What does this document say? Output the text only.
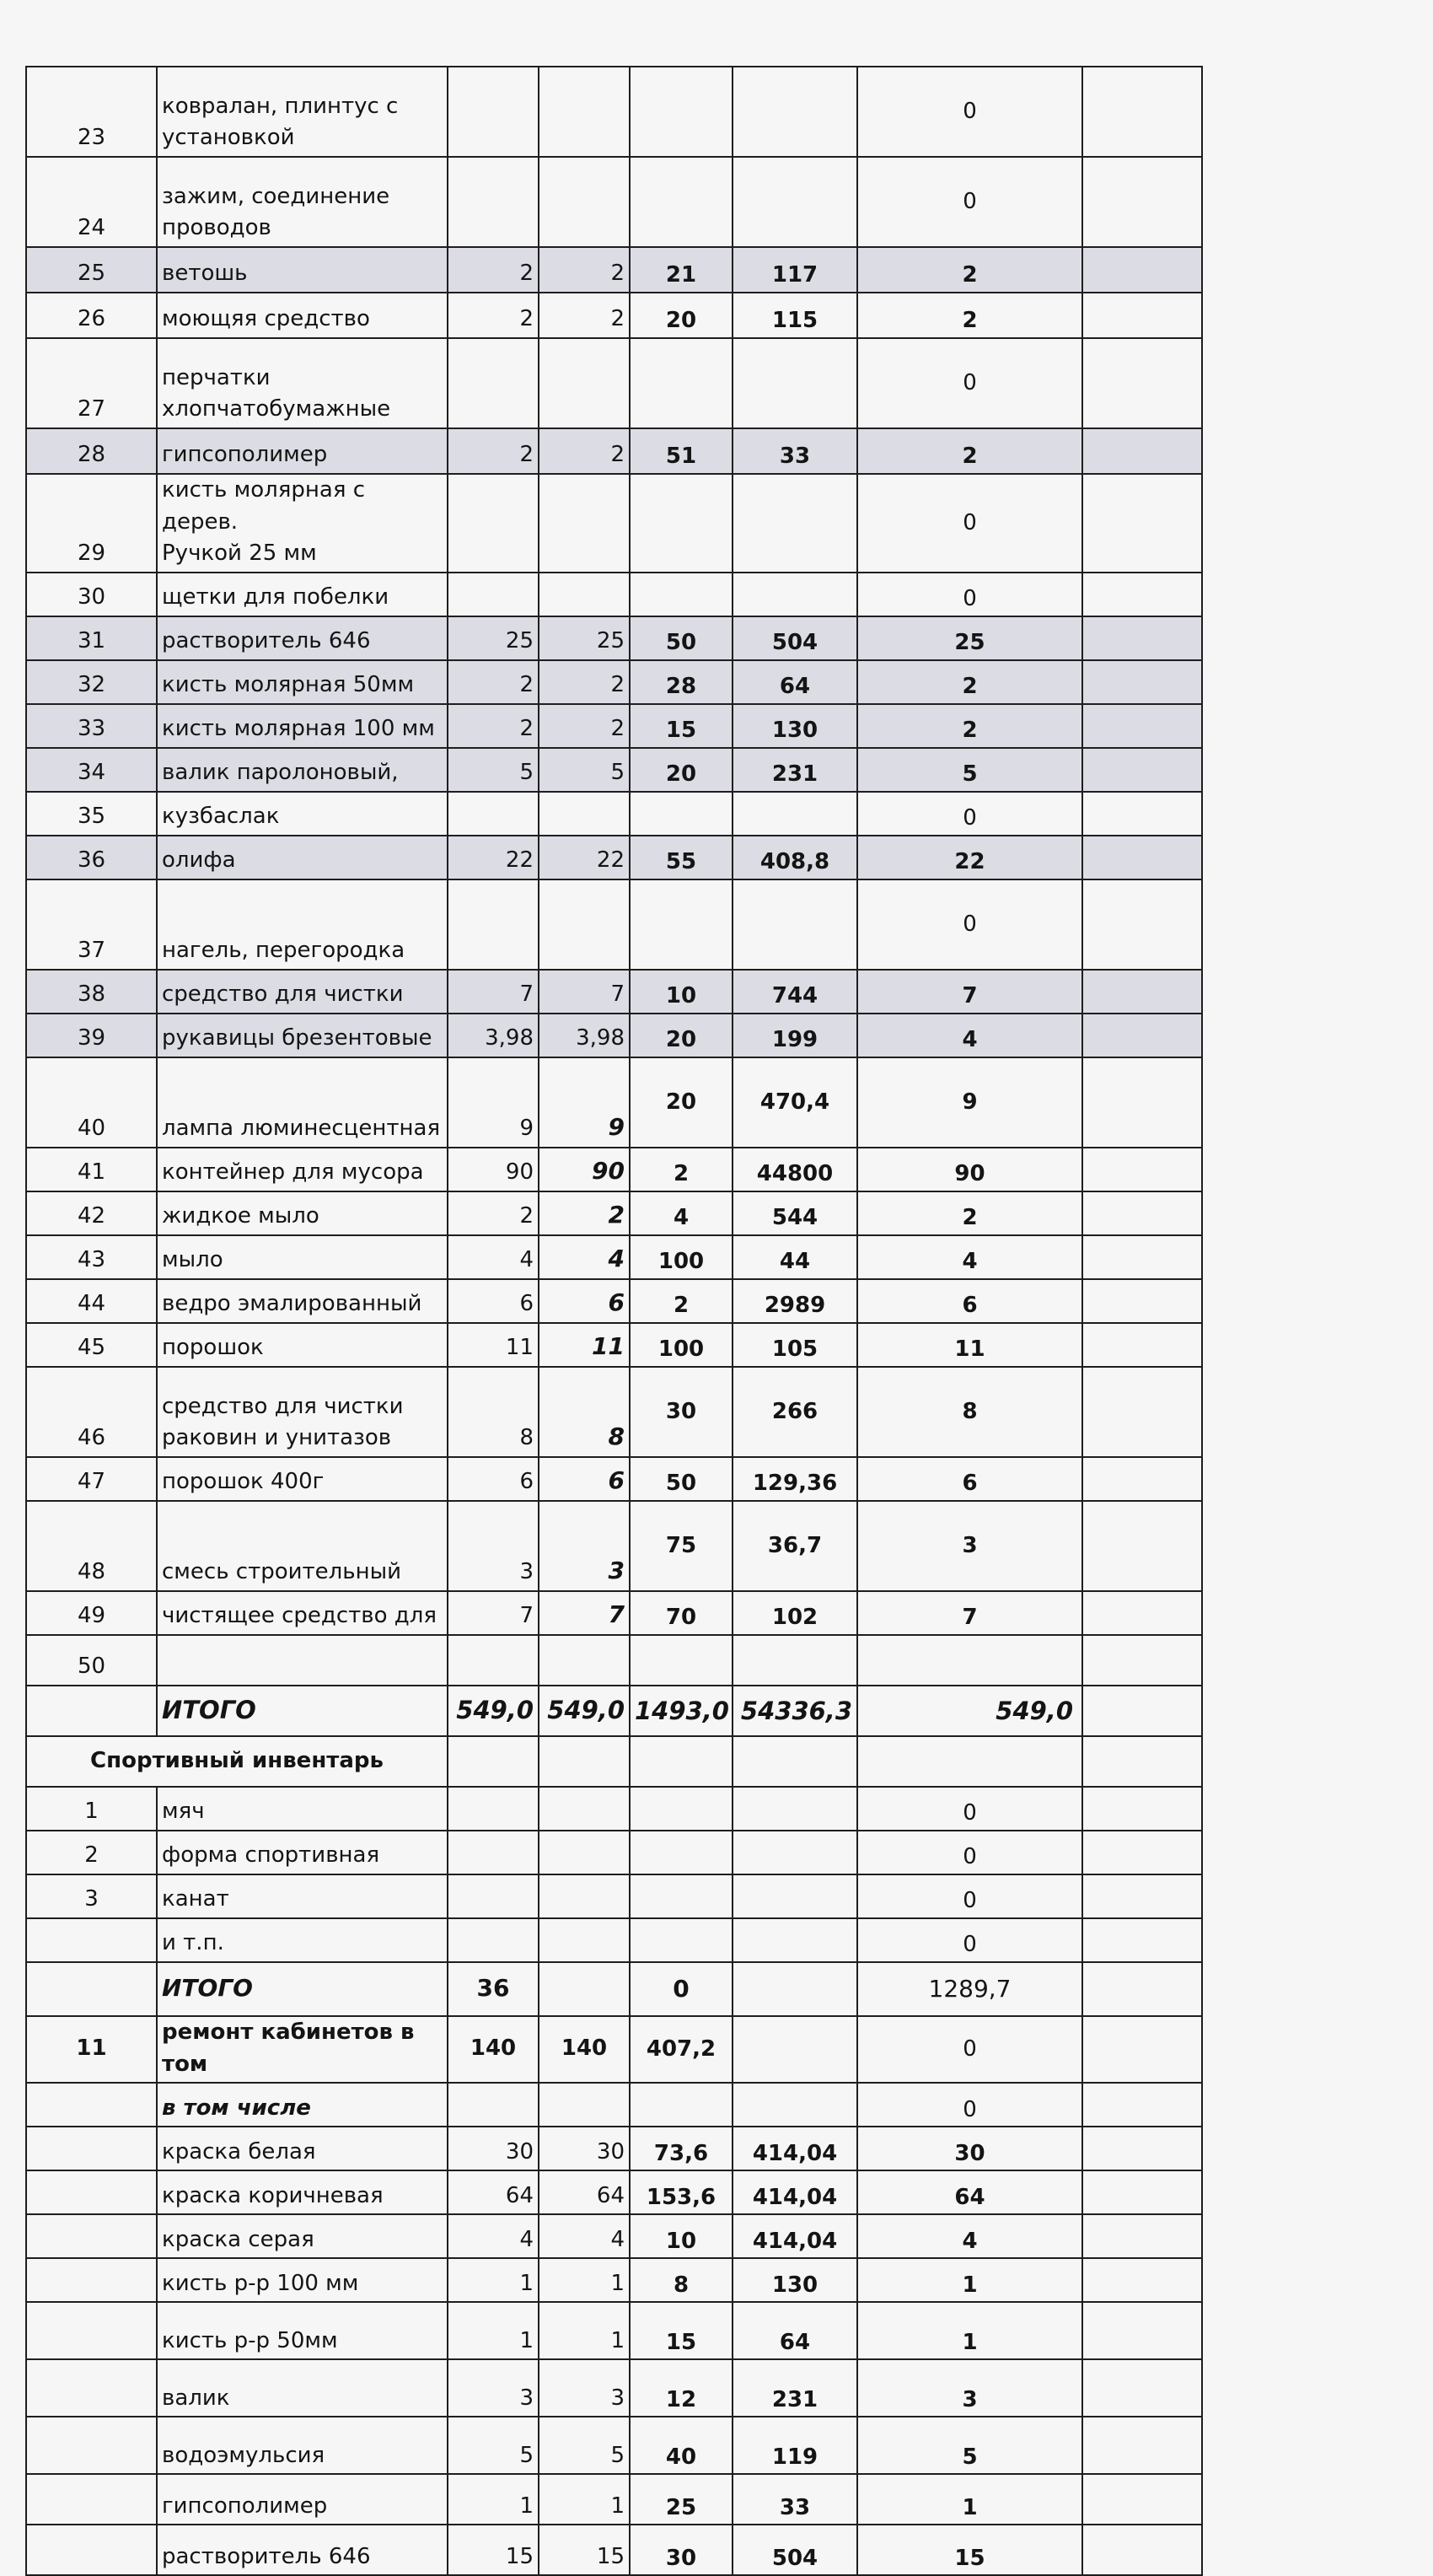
23	ковралан, плинтус с
установкой					0	
24	зажим, соединение
проводов					0	
25	ветошь	2	2	21	117	2	
26	моющяя средство	2	2	20	115	2	
27	перчатки
хлопчатобумажные					0	
28	гипсополимер	2	2	51	33	2	
29	кисть молярная с дерев.
Ручкой 25 мм					0	
30	щетки для побелки					0	
31	растворитель 646	25	25	50	504	25	
32	кисть молярная 50мм	2	2	28	64	2	
33	кисть молярная 100 мм	2	2	15	130	2	
34	валик паролоновый,	5	5	20	231	5	
35	кузбаслак					0	
36	олифа	22	22	55	408,8	22	
37	нагель, перегородка					0	
38	средство для чистки	7	7	10	744	7	
39	рукавицы брезентовые	3,98	3,98	20	199	4	
40	лампа люминесцентная	9	9	20	470,4	9	
41	контейнер для мусора	90	90	2	44800	90	
42	жидкое мыло	2	2	4	544	2	
43	мыло	4	4	100	44	4	
44	ведро эмалированный	6	6	2	2989	6	
45	порошок	11	11	100	105	11	
46	средство для чистки
раковин и унитазов	8	8	30	266	8	
47	порошок 400г	6	6	50	129,36	6	
48	смесь строительный	3	3	75	36,7	3	
49	чистящее средство для	7	7	70	102	7	
50							
	ИТОГО	549,0	549,0	1493,0	54336,3	549,0	
Спортивный инвентарь							
1	мяч					0	
2	форма спортивная					0	
3	канат					0	
	и т.п.					0	
	ИТОГО	36		0		1289,7	
11	ремонт кабинетов в том	140	140	407,2		0	
	в том числе					0	
	краска белая	30	30	73,6	414,04	30	
	краска коричневая	64	64	153,6	414,04	64	
	краска серая	4	4	10	414,04	4	
	кисть р-р 100 мм	1	1	8	130	1	
	кисть р-р 50мм	1	1	15	64	1	
	валик	3	3	12	231	3	
	водоэмульсия	5	5	40	119	5	
	гипсополимер	1	1	25	33	1	
	растворитель 646	15	15	30	504	15	
